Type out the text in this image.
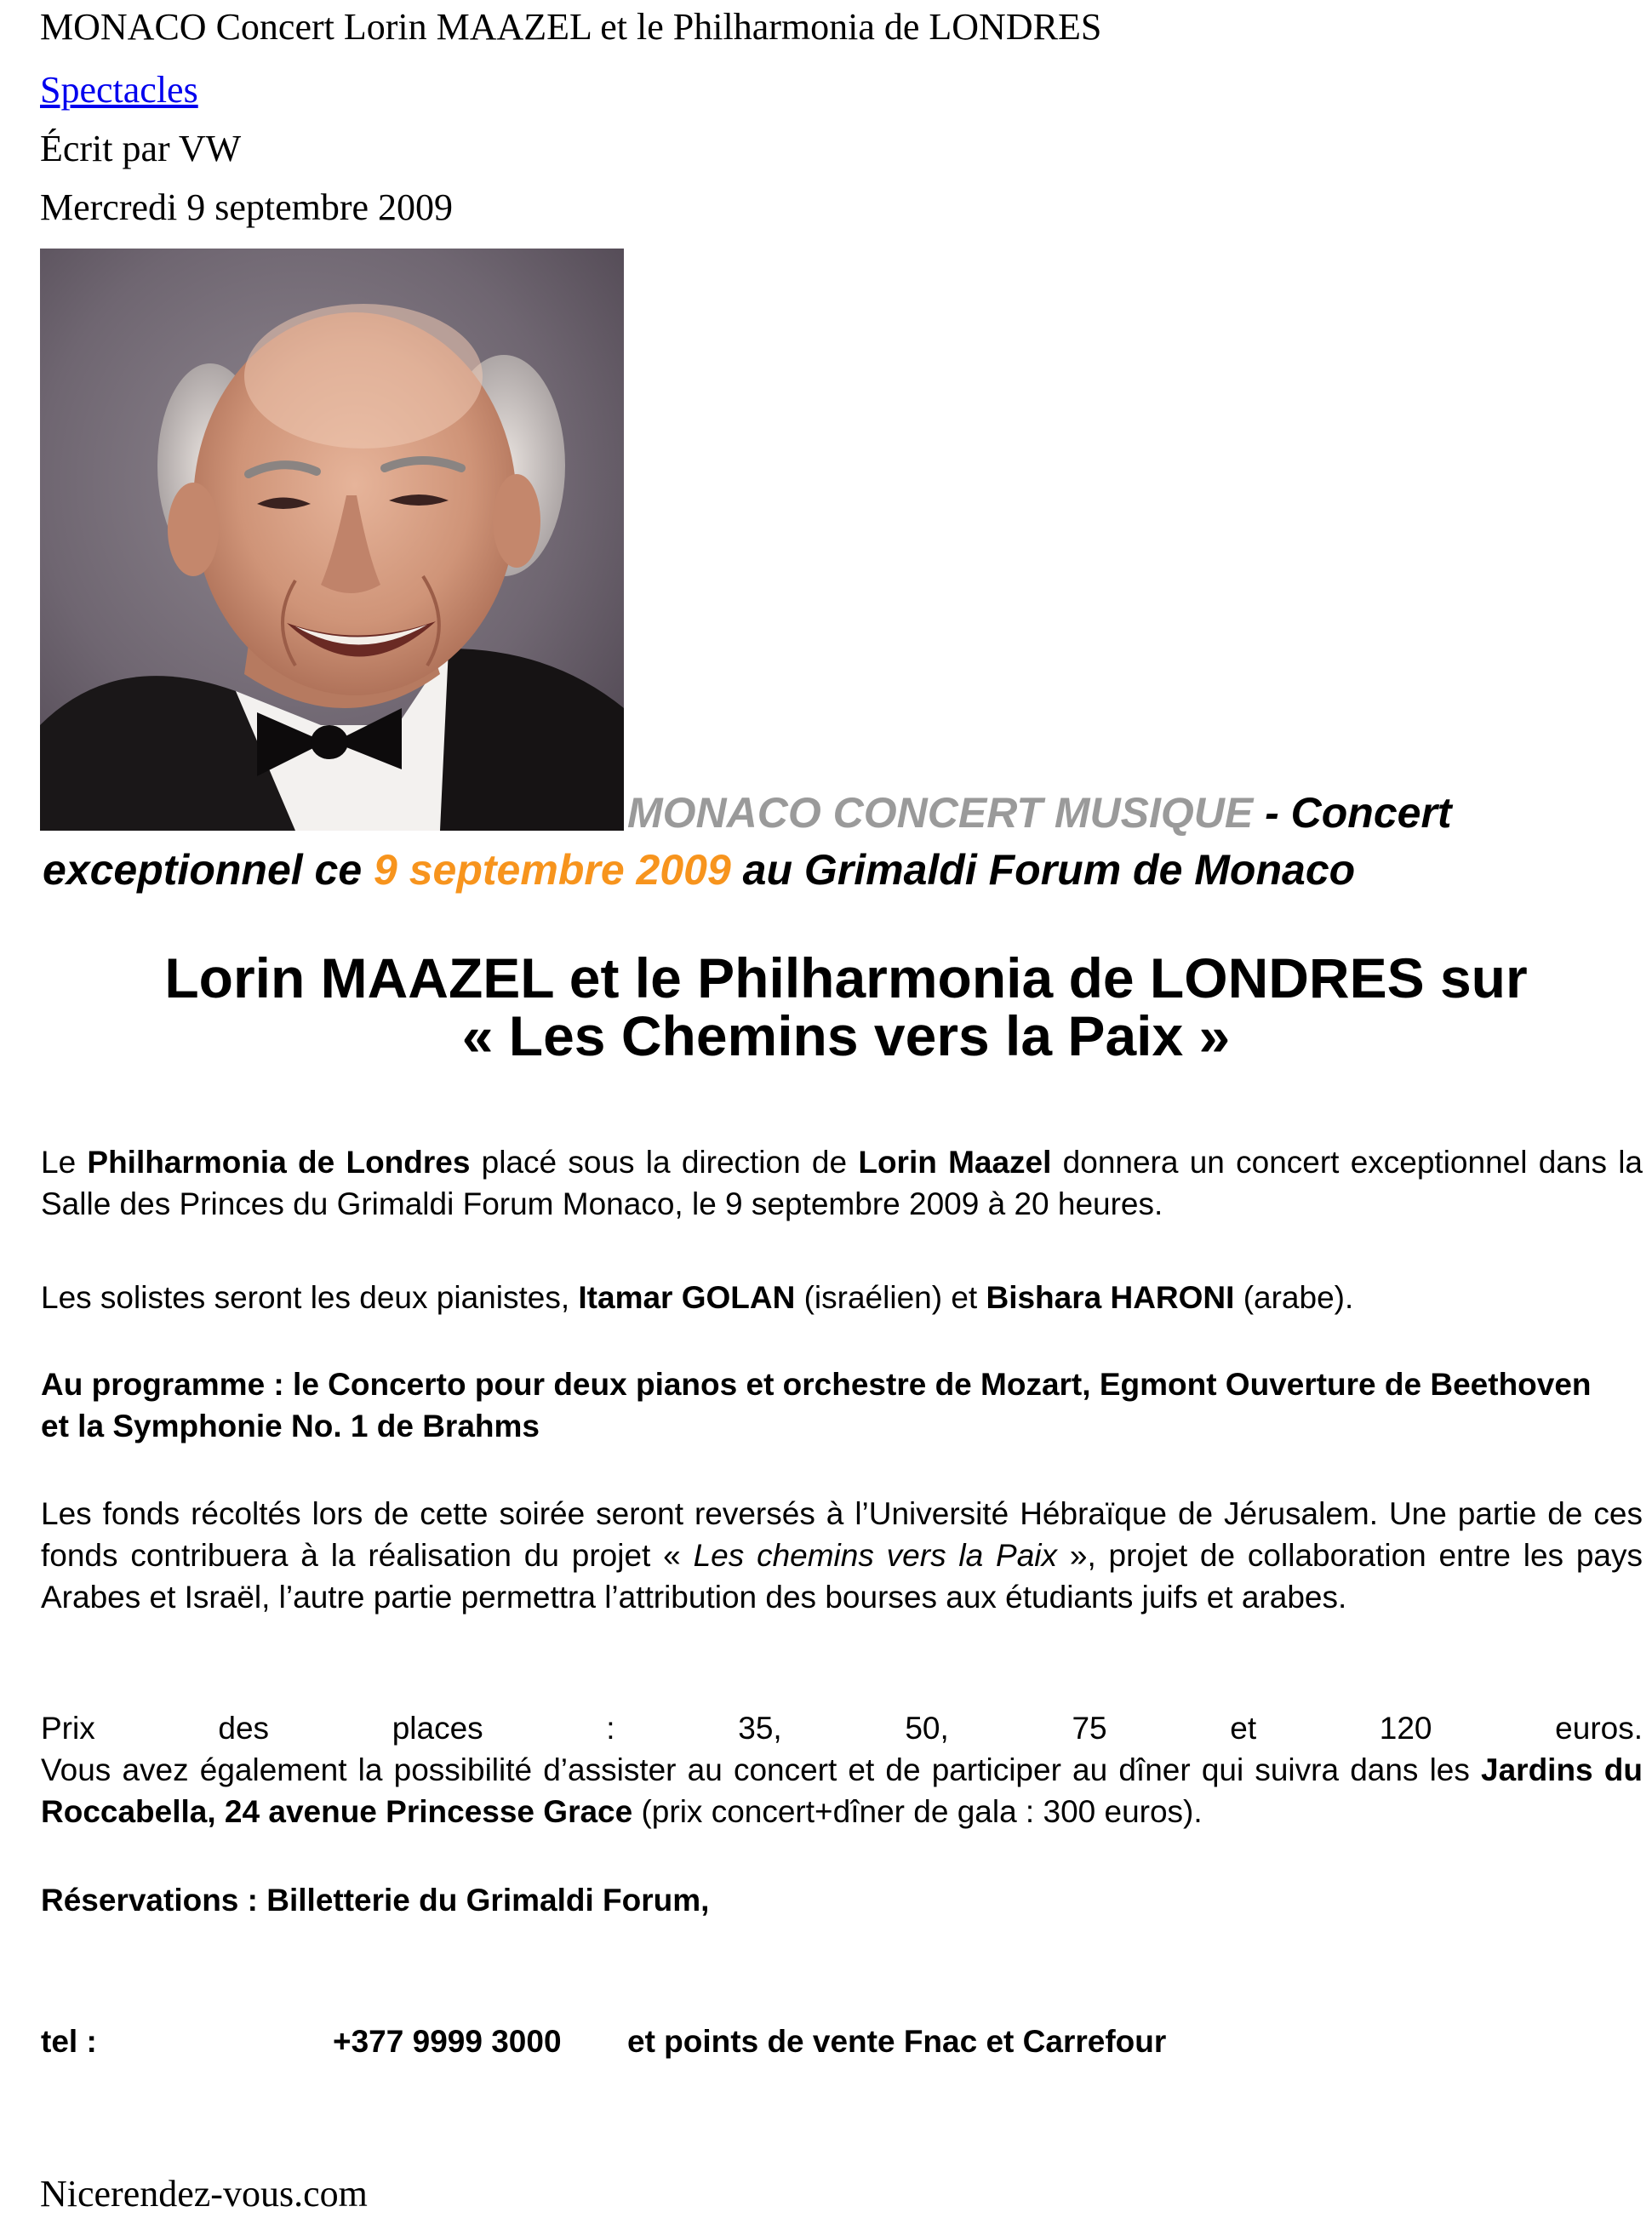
MONACO Concert Lorin MAAZEL et le Philharmonia de LONDRES
Spectacles
Écrit par VW
Mercredi 9 septembre 2009
MONACO CONCERT MUSIQUE - Concert
exceptionnel ce 9 septembre 2009 au Grimaldi Forum de Monaco
Lorin MAAZEL et le Philharmonia de LONDRES sur
« Les Chemins vers la Paix »

Le Philharmonia de Londres placé sous la direction de Lorin Maazel donnera un concert exceptionnel dans la Salle des Princes du Grimaldi Forum Monaco, le 9 septembre 2009 à 20 heures.

Les solistes seront les deux pianistes, Itamar GOLAN (israélien) et Bishara HARONI (arabe).

Au programme : le Concerto pour deux pianos et orchestre de Mozart, Egmont Ouverture de Beethoven et la Symphonie No. 1 de Brahms

Les fonds récoltés lors de cette soirée seront reversés à l’Université Hébraïque de Jérusalem. Une partie de ces fonds contribuera à la réalisation du projet « Les chemins vers la Paix », projet de collaboration entre les pays Arabes et Israël, l’autre partie permettra l’attribution des bourses aux étudiants juifs et arabes.

Prix des places : 35, 50, 75 et 120 euros.
Vous avez également la possibilité d’assister au concert et de participer au dîner qui suivra dans les Jardins du Roccabella, 24 avenue Princesse Grace (prix concert+dîner de gala : 300 euros).

Réservations : Billetterie du Grimaldi Forum,

tel :	+377 9999 3000 et points de vente Fnac et Carrefour
Nicerendez-vous.com
